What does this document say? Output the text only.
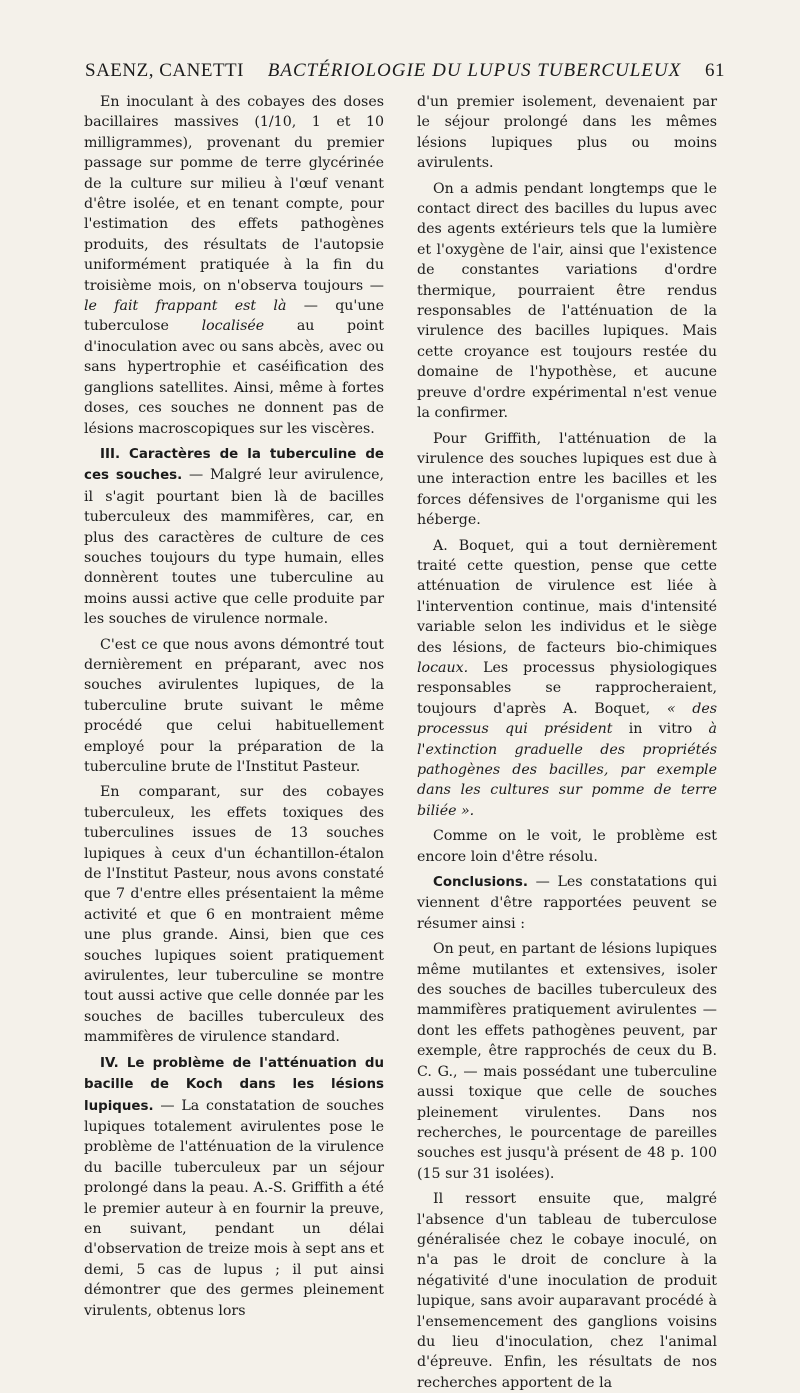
SAENZ, CANETTI BACTÉRIOLOGIE DU LUPUS TUBERCULEUX 61

En inoculant à des cobayes des doses bacillaires massives (1/10, 1 et 10 milligrammes), provenant du premier passage sur pomme de terre glycérinée de la culture sur milieu à l'œuf venant d'être isolée, et en tenant compte, pour l'estimation des effets pathogènes produits, des résultats de l'autopsie uniformément pratiquée à la fin du troisième mois, on n'observa toujours — le fait frappant est là — qu'une tuberculose localisée au point d'inoculation avec ou sans abcès, avec ou sans hypertrophie et caséification des ganglions satellites. Ainsi, même à fortes doses, ces souches ne donnent pas de lésions macroscopiques sur les viscères.

III. Caractères de la tuberculine de ces souches. — Malgré leur avirulence, il s'agit pourtant bien là de bacilles tuberculeux des mammifères, car, en plus des caractères de culture de ces souches toujours du type humain, elles donnèrent toutes une tuberculine au moins aussi active que celle produite par les souches de virulence normale.

C'est ce que nous avons démontré tout dernièrement en préparant, avec nos souches avirulentes lupiques, de la tuberculine brute suivant le même procédé que celui habituellement employé pour la préparation de la tuberculine brute de l'Institut Pasteur.

En comparant, sur des cobayes tuberculeux, les effets toxiques des tuberculines issues de 13 souches lupiques à ceux d'un échantillon-étalon de l'Institut Pasteur, nous avons constaté que 7 d'entre elles présentaient la même activité et que 6 en montraient même une plus grande. Ainsi, bien que ces souches lupiques soient pratiquement avirulentes, leur tuberculine se montre tout aussi active que celle donnée par les souches de bacilles tuberculeux des mammifères de virulence standard.

IV. Le problème de l'atténuation du bacille de Koch dans les lésions lupiques. — La constatation de souches lupiques totalement avirulentes pose le problème de l'atténuation de la virulence du bacille tuberculeux par un séjour prolongé dans la peau. A.-S. Griffith a été le premier auteur à en fournir la preuve, en suivant, pendant un délai d'observation de treize mois à sept ans et demi, 5 cas de lupus ; il put ainsi démontrer que des germes pleinement virulents, obtenus lors

d'un premier isolement, devenaient par le séjour prolongé dans les mêmes lésions lupiques plus ou moins avirulents.

On a admis pendant longtemps que le contact direct des bacilles du lupus avec des agents extérieurs tels que la lumière et l'oxygène de l'air, ainsi que l'existence de constantes variations d'ordre thermique, pourraient être rendus responsables de l'atténuation de la virulence des bacilles lupiques. Mais cette croyance est toujours restée du domaine de l'hypothèse, et aucune preuve d'ordre expérimental n'est venue la confirmer.

Pour Griffith, l'atténuation de la virulence des souches lupiques est due à une interaction entre les bacilles et les forces défensives de l'organisme qui les héberge.

A. Boquet, qui a tout dernièrement traité cette question, pense que cette atténuation de virulence est liée à l'intervention continue, mais d'intensité variable selon les individus et le siège des lésions, de facteurs bio-chimiques locaux. Les processus physiologiques responsables se rapprocheraient, toujours d'après A. Boquet, « des processus qui président in vitro à l'extinction graduelle des propriétés pathogènes des bacilles, par exemple dans les cultures sur pomme de terre biliée ».

Comme on le voit, le problème est encore loin d'être résolu.

Conclusions. — Les constatations qui viennent d'être rapportées peuvent se résumer ainsi :

On peut, en partant de lésions lupiques même mutilantes et extensives, isoler des souches de bacilles tuberculeux des mammifères pratiquement avirulentes — dont les effets pathogènes peuvent, par exemple, être rapprochés de ceux du B. C. G., — mais possédant une tuberculine aussi toxique que celle de souches pleinement virulentes. Dans nos recherches, le pourcentage de pareilles souches est jusqu'à présent de 48 p. 100 (15 sur 31 isolées).

Il ressort ensuite que, malgré l'absence d'un tableau de tuberculose généralisée chez le cobaye inoculé, on n'a pas le droit de conclure à la négativité d'une inoculation de produit lupique, sans avoir auparavant procédé à l'ensemencement des ganglions voisins du lieu d'inoculation, chez l'animal d'épreuve. Enfin, les résultats de nos recherches apportent de la
